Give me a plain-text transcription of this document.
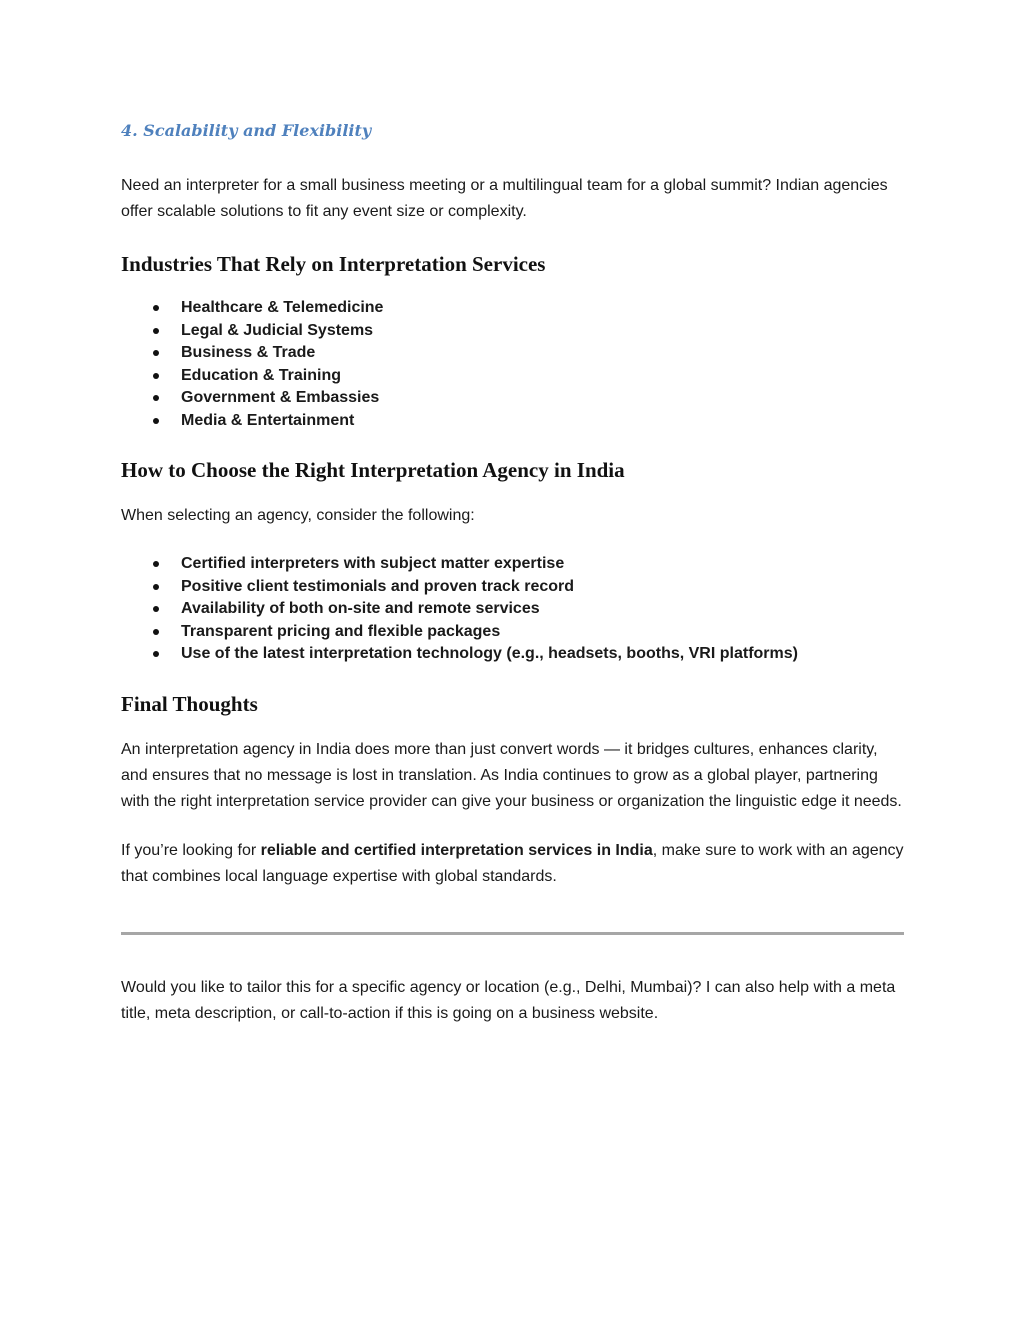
4. Scalability and Flexibility

Need an interpreter for a small business meeting or a multilingual team for a global summit? Indian agencies offer scalable solutions to fit any event size or complexity.

Industries That Rely on Interpretation Services
Healthcare & Telemedicine
Legal & Judicial Systems
Business & Trade
Education & Training
Government & Embassies
Media & Entertainment
How to Choose the Right Interpretation Agency in India

When selecting an agency, consider the following:

Certified interpreters with subject matter expertise
Positive client testimonials and proven track record
Availability of both on-site and remote services
Transparent pricing and flexible packages
Use of the latest interpretation technology (e.g., headsets, booths, VRI platforms)
Final Thoughts

An interpretation agency in India does more than just convert words — it bridges cultures, enhances clarity, and ensures that no message is lost in translation. As India continues to grow as a global player, partnering with the right interpretation service provider can give your business or organization the linguistic edge it needs.

If you’re looking for reliable and certified interpretation services in India, make sure to work with an agency that combines local language expertise with global standards.

Would you like to tailor this for a specific agency or location (e.g., Delhi, Mumbai)? I can also help with a meta title, meta description, or call-to-action if this is going on a business website.
